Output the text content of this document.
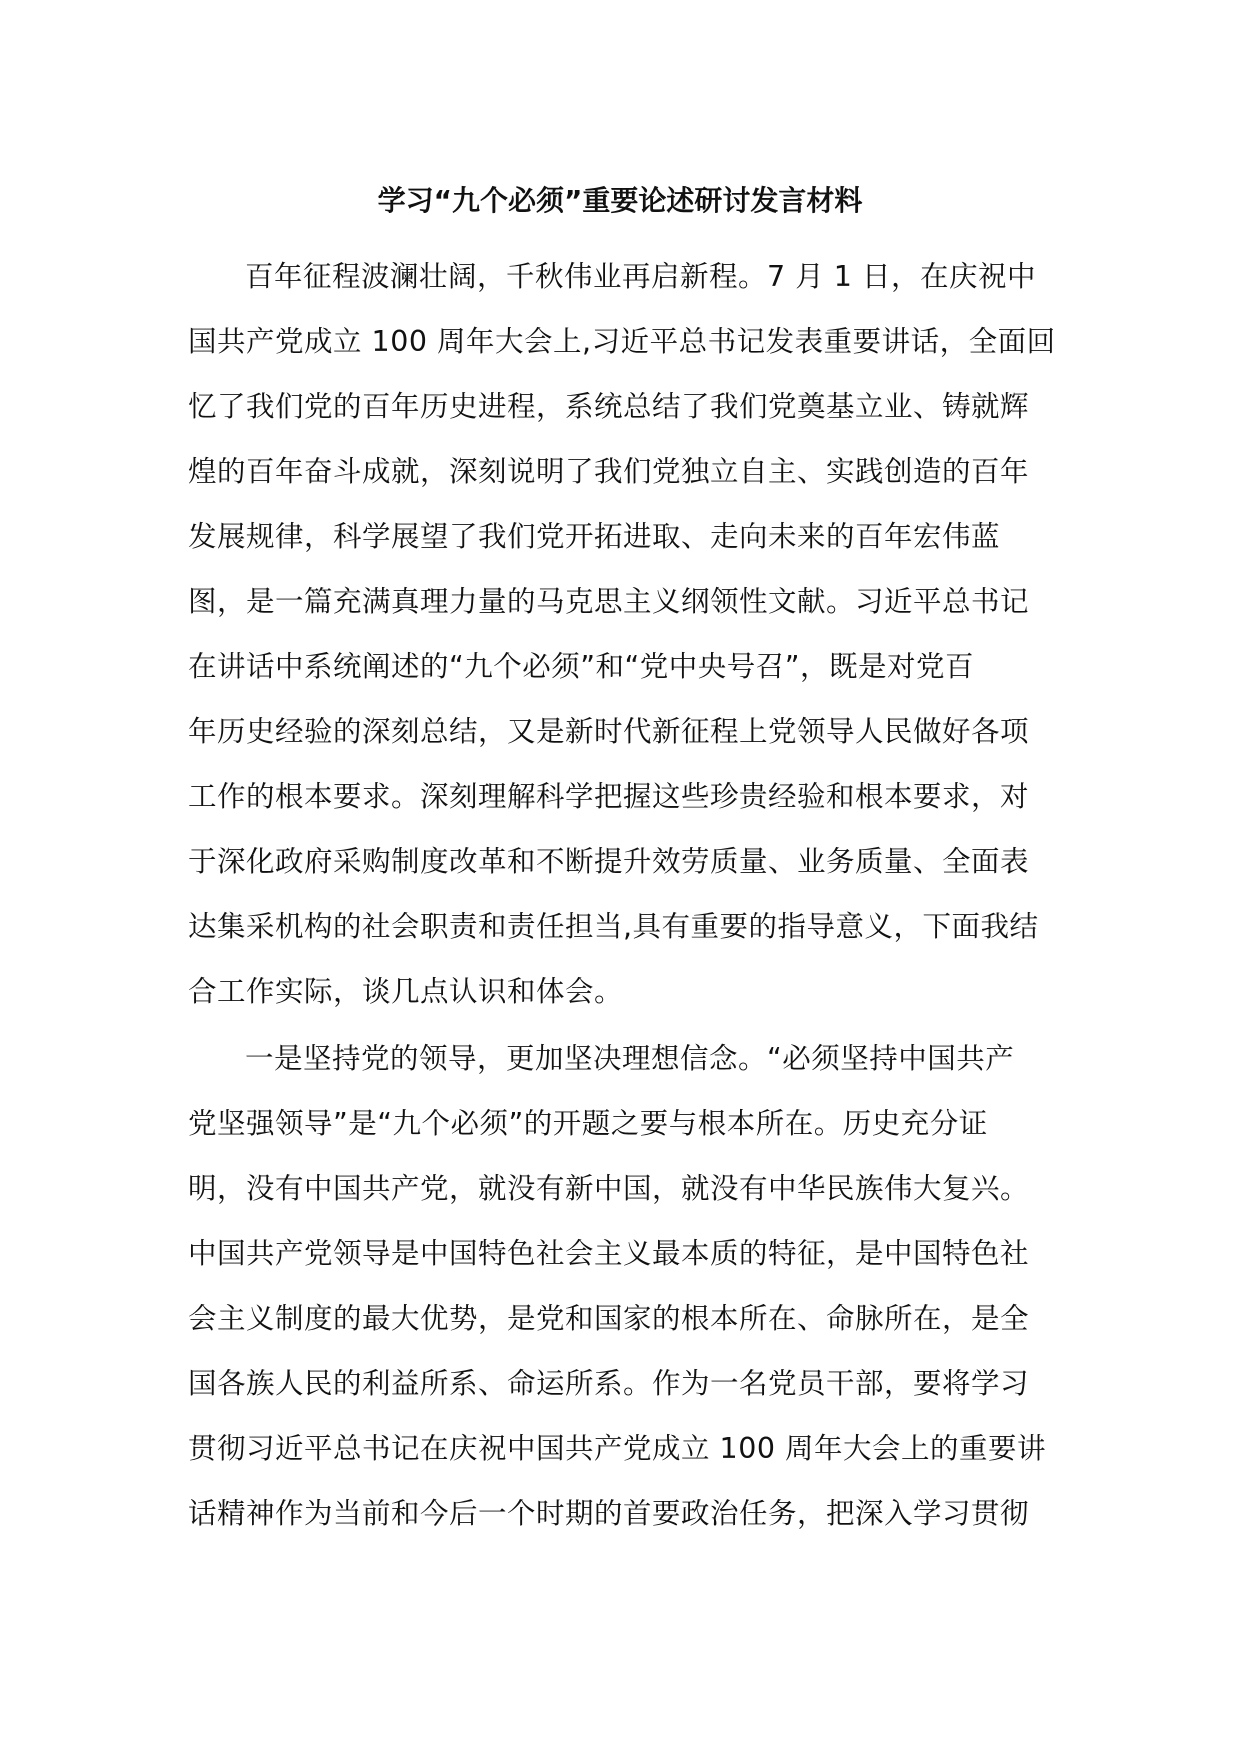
学习“九个必须”重要论述研讨发言材料
百年征程波澜壮阔，千秋伟业再启新程。7 月 1 日，在庆祝中
国共产党成立 100 周年大会上,习近平总书记发表重要讲话，全面回
忆了我们党的百年历史进程，系统总结了我们党奠基立业、铸就辉
煌的百年奋斗成就，深刻说明了我们党独立自主、实践创造的百年
发展规律，科学展望了我们党开拓进取、走向未来的百年宏伟蓝
图，是一篇充满真理力量的马克思主义纲领性文献。习近平总书记
在讲话中系统阐述的“九个必须”和“党中央号召”，既是对党百
年历史经验的深刻总结，又是新时代新征程上党领导人民做好各项
工作的根本要求。深刻理解科学把握这些珍贵经验和根本要求，对
于深化政府采购制度改革和不断提升效劳质量、业务质量、全面表
达集采机构的社会职责和责任担当,具有重要的指导意义，下面我结
合工作实际，谈几点认识和体会。
一是坚持党的领导，更加坚决理想信念。“必须坚持中国共产
党坚强领导”是“九个必须”的开题之要与根本所在。历史充分证
明，没有中国共产党，就没有新中国，就没有中华民族伟大复兴。
中国共产党领导是中国特色社会主义最本质的特征，是中国特色社
会主义制度的最大优势，是党和国家的根本所在、命脉所在，是全
国各族人民的利益所系、命运所系。作为一名党员干部，要将学习
贯彻习近平总书记在庆祝中国共产党成立 100 周年大会上的重要讲
话精神作为当前和今后一个时期的首要政治任务，把深入学习贯彻
